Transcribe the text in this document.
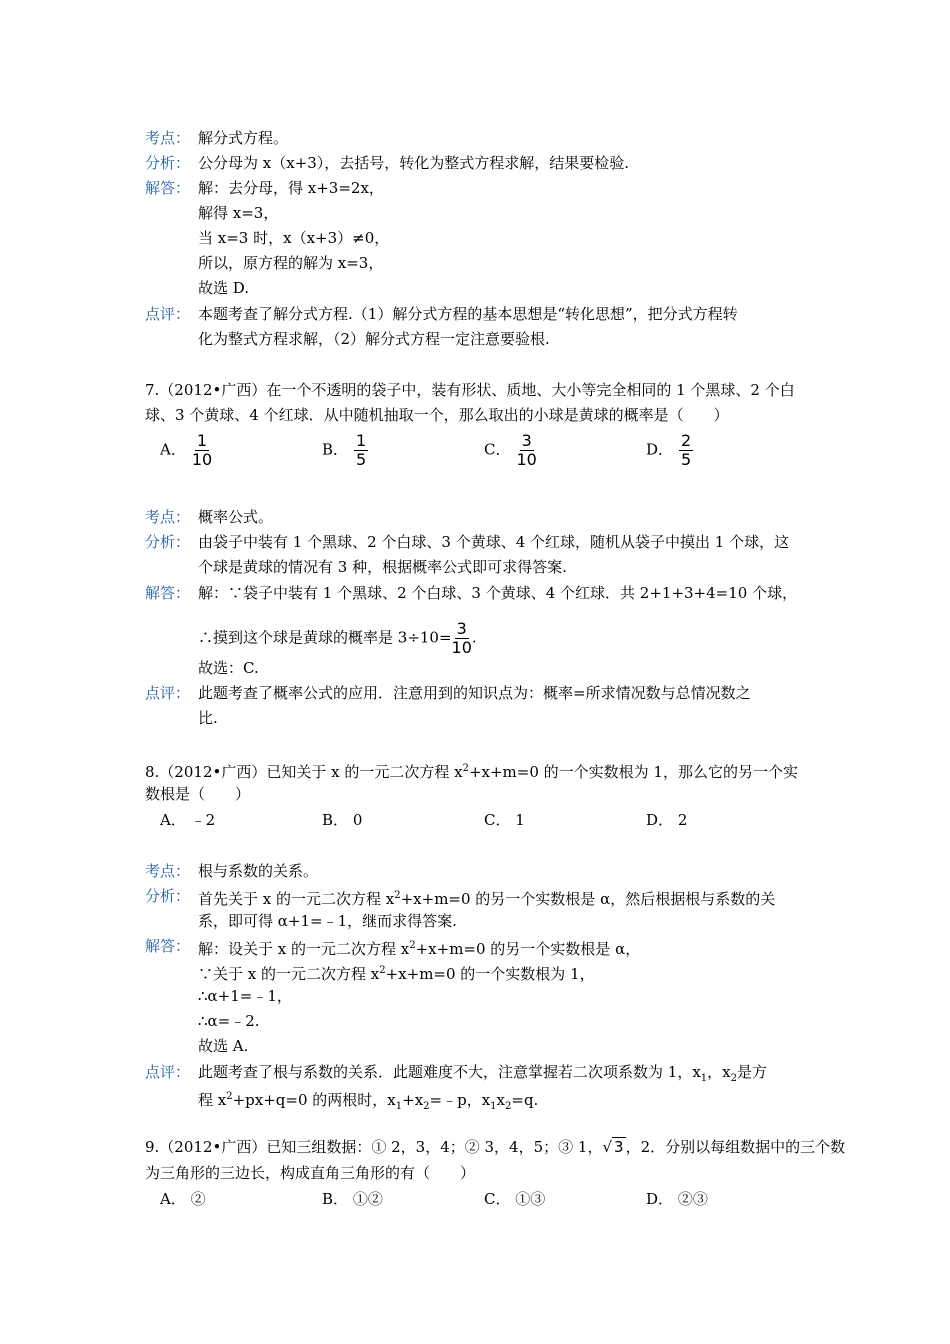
考点： 解分式方程。
分析： 公分母为 x（x+3），去括号，转化为整式方程求解，结果要检验.
解答： 解：去分母，得 x+3=2x，
解得 x=3，
当 x=3 时，x（x+3）≠0，
所以，原方程的解为 x=3，
故选 D.
点评： 本题考查了解分式方程.（1）解分式方程的基本思想是“转化思想”，把分式方程转
化为整式方程求解，（2）解分式方程一定注意要验根.
7.（2012•广西）在一个不透明的袋子中，装有形状、质地、大小等完全相同的 1 个黑球、2 个白
球、3 个黄球、4 个红球．从中随机抽取一个，那么取出的小球是黄球的概率是（　　）
A． $\frac{1}{10}$	B． $\frac{1}{5}$	C． $\frac{3}{10}$	D． $\frac{2}{5}$
考点： 概率公式。
分析： 由袋子中装有 1 个黑球、2 个白球、3 个黄球、4 个红球，随机从袋子中摸出 1 个球，这
个球是黄球的情况有 3 种，根据概率公式即可求得答案.
解答： 解：∵袋子中装有 1 个黑球、2 个白球、3 个黄球、4 个红球．共 2+1+3+4=10 个球，
∴摸到这个球是黄球的概率是 $3\div 10= \frac{3}{10}$ .
故选：C.
点评： 此题考查了概率公式的应用．注意用到的知识点为：概率=所求情况数与总情况数之
比.
8.（2012•广西）已知关于 x 的一元二次方程 $x^2+x+m=0$ 的一个实数根为 1，那么它的另一个实
数根是（　　）
A． ﹣2	B． 0	C． 1	D． 2
考点： 根与系数的关系。
分析： 首先关于 x 的一元二次方程 $x^2+x+m=0$ 的另一个实数根是 α，然后根据根与系数的关
系，即可得 α+1=﹣1，继而求得答案.
解答： 解：设关于 x 的一元二次方程 $x^2+x+m=0$ 的另一个实数根是 α，
∵关于 x 的一元二次方程 $x^2+x+m=0$ 的一个实数根为 1，
∴α+1=﹣1，
∴α=﹣2.
故选 A.
点评： 此题考查了根与系数的关系．此题难度不大，注意掌握若二次项系数为 1，$x_1$，$x_2$是方
程 $x^2+px+q=0$ 的两根时，$x_1+x_2=﹣p$，$x_1x_2=q$.
9.（2012•广西）已知三组数据：① 2，3，4；② 3，4，5；③ 1，√ 3 ，2．分别以每组数据中的三个数
为三角形的三边长，构成直角三角形的有（　　）
A． ②	B． ①②	C． ①③	D． ②③
